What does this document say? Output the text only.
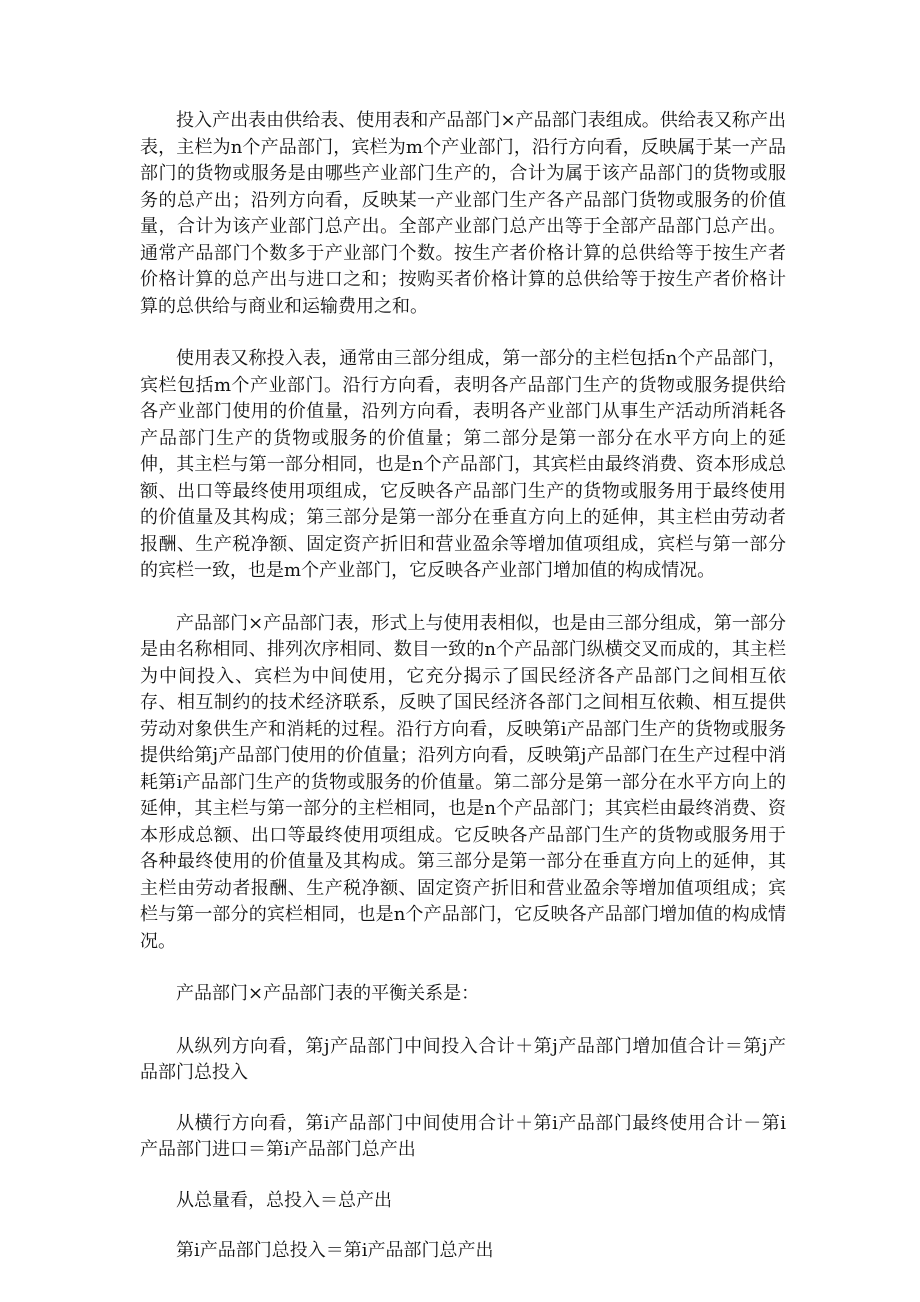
投入产出表由供给表、使用表和产品部门×产品部门表组成。供给表又称产出表，主栏为n个产品部门，宾栏为m个产业部门，沿行方向看，反映属于某一产品部门的货物或服务是由哪些产业部门生产的，合计为属于该产品部门的货物或服务的总产出；沿列方向看，反映某一产业部门生产各产品部门货物或服务的价值量，合计为该产业部门总产出。全部产业部门总产出等于全部产品部门总产出。通常产品部门个数多于产业部门个数。按生产者价格计算的总供给等于按生产者价格计算的总产出与进口之和；按购买者价格计算的总供给等于按生产者价格计算的总供给与商业和运输费用之和。

使用表又称投入表，通常由三部分组成，第一部分的主栏包括n个产品部门，宾栏包括m个产业部门。沿行方向看，表明各产品部门生产的货物或服务提供给各产业部门使用的价值量，沿列方向看，表明各产业部门从事生产活动所消耗各产品部门生产的货物或服务的价值量；第二部分是第一部分在水平方向上的延伸，其主栏与第一部分相同，也是n个产品部门，其宾栏由最终消费、资本形成总额、出口等最终使用项组成，它反映各产品部门生产的货物或服务用于最终使用的价值量及其构成；第三部分是第一部分在垂直方向上的延伸，其主栏由劳动者报酬、生产税净额、固定资产折旧和营业盈余等增加值项组成，宾栏与第一部分的宾栏一致，也是m个产业部门，它反映各产业部门增加值的构成情况。

产品部门×产品部门表，形式上与使用表相似，也是由三部分组成，第一部分是由名称相同、排列次序相同、数目一致的n个产品部门纵横交叉而成的，其主栏为中间投入、宾栏为中间使用，它充分揭示了国民经济各产品部门之间相互依存、相互制约的技术经济联系，反映了国民经济各部门之间相互依赖、相互提供劳动对象供生产和消耗的过程。沿行方向看，反映第i产品部门生产的货物或服务提供给第j产品部门使用的价值量；沿列方向看，反映第j产品部门在生产过程中消耗第i产品部门生产的货物或服务的价值量。第二部分是第一部分在水平方向上的延伸，其主栏与第一部分的主栏相同，也是n个产品部门；其宾栏由最终消费、资本形成总额、出口等最终使用项组成。它反映各产品部门生产的货物或服务用于各种最终使用的价值量及其构成。第三部分是第一部分在垂直方向上的延伸，其主栏由劳动者报酬、生产税净额、固定资产折旧和营业盈余等增加值项组成；宾栏与第一部分的宾栏相同，也是n个产品部门，它反映各产品部门增加值的构成情况。

产品部门×产品部门表的平衡关系是：

从纵列方向看，第j产品部门中间投入合计＋第j产品部门增加值合计＝第j产品部门总投入

从横行方向看，第i产品部门中间使用合计＋第i产品部门最终使用合计－第i产品部门进口＝第i产品部门总产出

从总量看，总投入＝总产出

第i产品部门总投入＝第i产品部门总产出
